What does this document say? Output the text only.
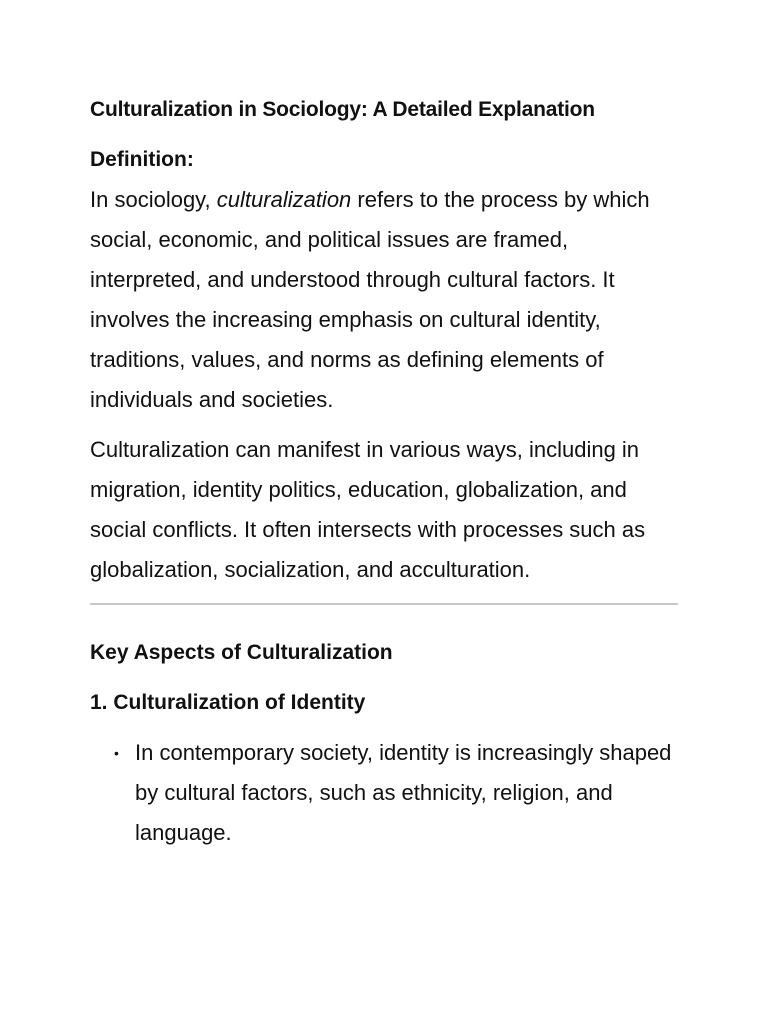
Culturalization in Sociology: A Detailed Explanation
Definition:

In sociology, culturalization refers to the process by which social, economic, and political issues are framed, interpreted, and understood through cultural factors. It involves the increasing emphasis on cultural identity, traditions, values, and norms as defining elements of individuals and societies.

Culturalization can manifest in various ways, including in migration, identity politics, education, globalization, and social conflicts. It often intersects with processes such as globalization, socialization, and acculturation.

Key Aspects of Culturalization
1. Culturalization of Identity
• In contemporary society, identity is increasingly shaped by cultural factors, such as ethnicity, religion, and language.
